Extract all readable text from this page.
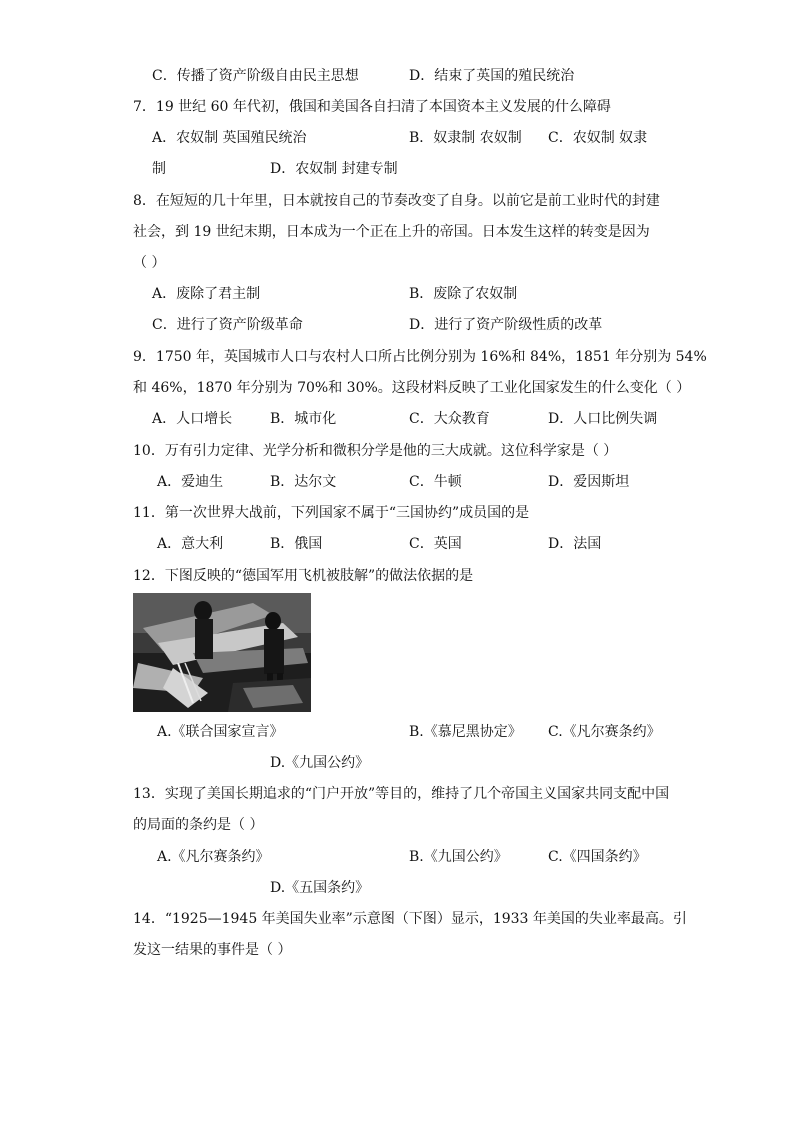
C．传播了资产阶级自由民主思想	D．结束了英国的殖民统治
7．19 世纪 60 年代初，俄国和美国各自扫清了本国资本主义发展的什么障碍
A．农奴制 英国殖民统治	B．奴隶制 农奴制 C．农奴制 奴隶
制	D．农奴制 封建专制
8．在短短的几十年里，日本就按自己的节奏改变了自身。以前它是前工业时代的封建
社会，到 19 世纪末期，日本成为一个正在上升的帝国。日本发生这样的转变是因为
（ ）
A．废除了君主制	B．废除了农奴制
C．进行了资产阶级革命	D．进行了资产阶级性质的改革
9．1750 年，英国城市人口与农村人口所占比例分别为 16%和 84%，1851 年分别为 54%
和 46%，1870 年分别为 70%和 30%。这段材料反映了工业化国家发生的什么变化（ ）
A．人口增长	B．城市化	C．大众教育	D．人口比例失调
10．万有引力定律、光学分析和微积分学是他的三大成就。这位科学家是（ ）
A．爱迪生	B．达尔文	C．牛顿	D．爱因斯坦
11．第一次世界大战前，下列国家不属于“三国协约”成员国的是
A．意大利	B．俄国	C．英国	D．法国
12．下图反映的“德国军用飞机被肢解”的做法依据的是
A.《联合国家宣言》	B.《慕尼黑协定》 C.《凡尔赛条约》
D.《九国公约》
13．实现了美国长期追求的“门户开放”等目的，维持了几个帝国主义国家共同支配中国
的局面的条约是（ ）
A.《凡尔赛条约》	B.《九国公约》	C.《四国条约》
D.《五国条约》
14．“1925—1945 年美国失业率”示意图（下图）显示，1933 年美国的失业率最高。引
发这一结果的事件是（ ）
